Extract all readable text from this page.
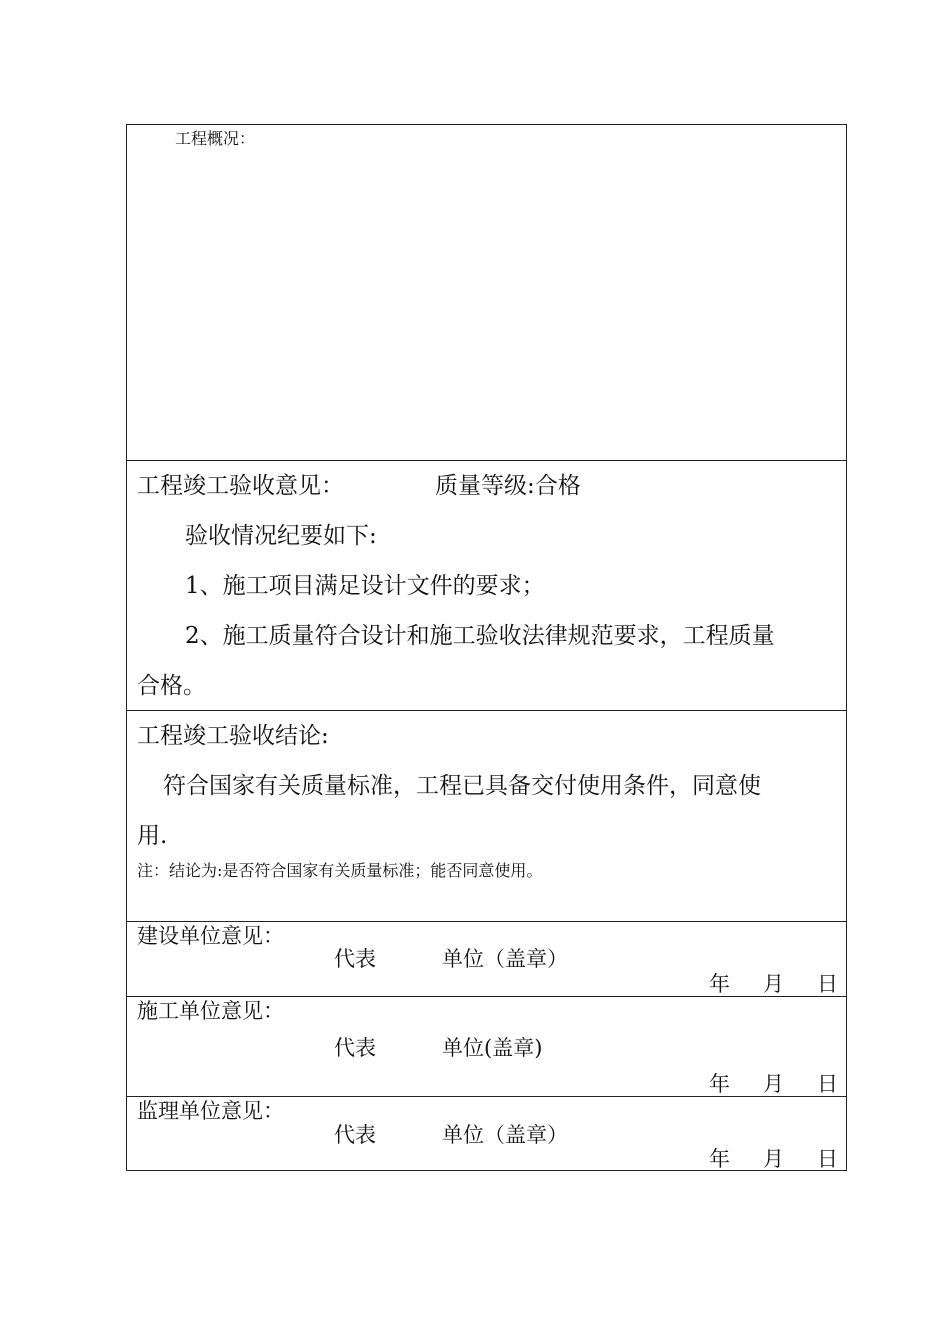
工程概况：
工程竣工验收意见：	质量等级:合格
验收情况纪要如下:
1、施工项目满足设计文件的要求；
2、施工质量符合设计和施工验收法律规范要求，工程质量
合格。
工程竣工验收结论:
符合国家有关质量标准，工程已具备交付使用条件，同意使
用.
注：结论为:是否符合国家有关质量标准；能否同意使用。
建设单位意见：
代表	单位（盖章）
年 月 日
施工单位意见：
代表	单位(盖章)
年 月 日
监理单位意见：
代表	单位（盖章）
年 月 日
